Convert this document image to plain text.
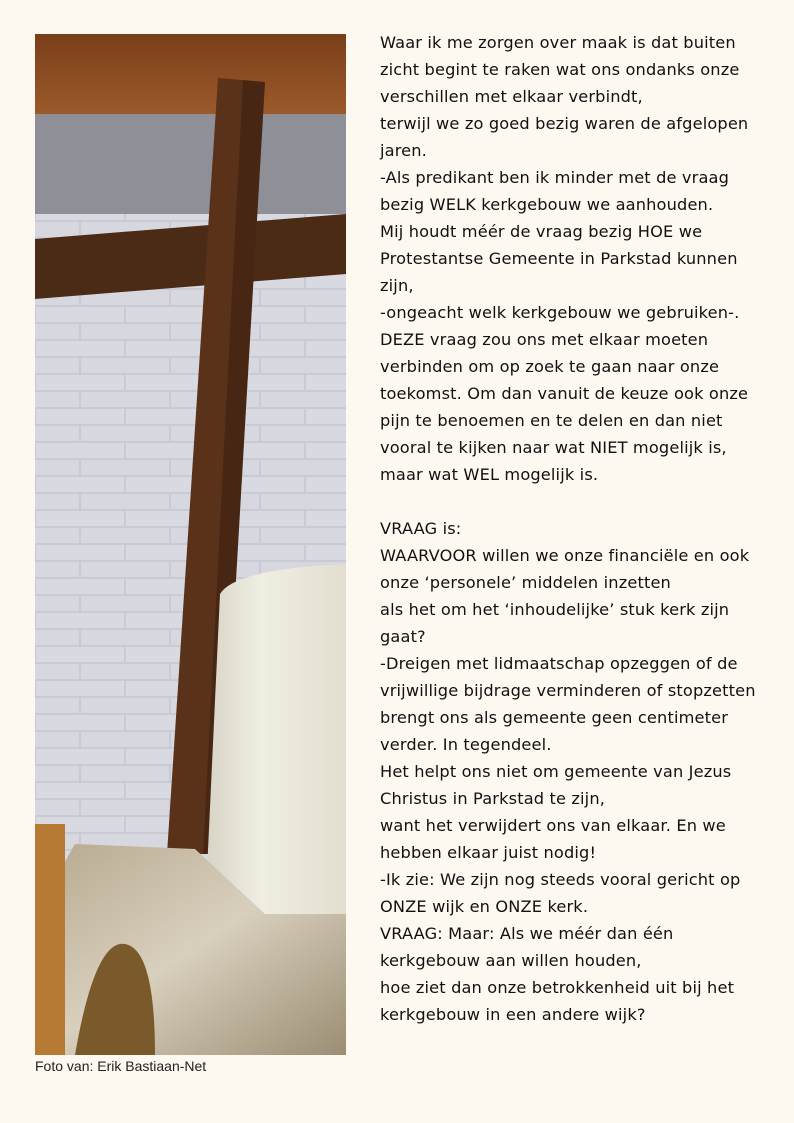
Foto van: Erik Bastiaan-Net
Waar ik me zorgen over maak is dat buiten
zicht begint te raken wat ons ondanks onze
verschillen met elkaar verbindt,
terwijl we zo goed bezig waren de afgelopen
jaren.
-Als predikant ben ik minder met de vraag
bezig WELK kerkgebouw we aanhouden.
Mij houdt méér de vraag bezig HOE we
Protestantse Gemeente in Parkstad kunnen
zijn,
-ongeacht welk kerkgebouw we gebruiken-.
DEZE vraag zou ons met elkaar moeten
verbinden om op zoek te gaan naar onze
toekomst. Om dan vanuit de keuze ook onze
pijn te benoemen en te delen en dan niet
vooral te kijken naar wat NIET mogelijk is,
maar wat WEL mogelijk is.
VRAAG is:
WAARVOOR willen we onze financiële en ook
onze ‘personele’ middelen inzetten
als het om het ‘inhoudelijke’ stuk kerk zijn
gaat?
-Dreigen met lidmaatschap opzeggen of de
vrijwillige bijdrage verminderen of stopzetten
brengt ons als gemeente geen centimeter
verder. In tegendeel.
Het helpt ons niet om gemeente van Jezus
Christus in Parkstad te zijn,
want het verwijdert ons van elkaar. En we
hebben elkaar juist nodig!
-Ik zie: We zijn nog steeds vooral gericht op
ONZE wijk en ONZE kerk.
VRAAG: Maar: Als we méér dan één
kerkgebouw aan willen houden,
hoe ziet dan onze betrokkenheid uit bij het
kerkgebouw in een andere wijk?
